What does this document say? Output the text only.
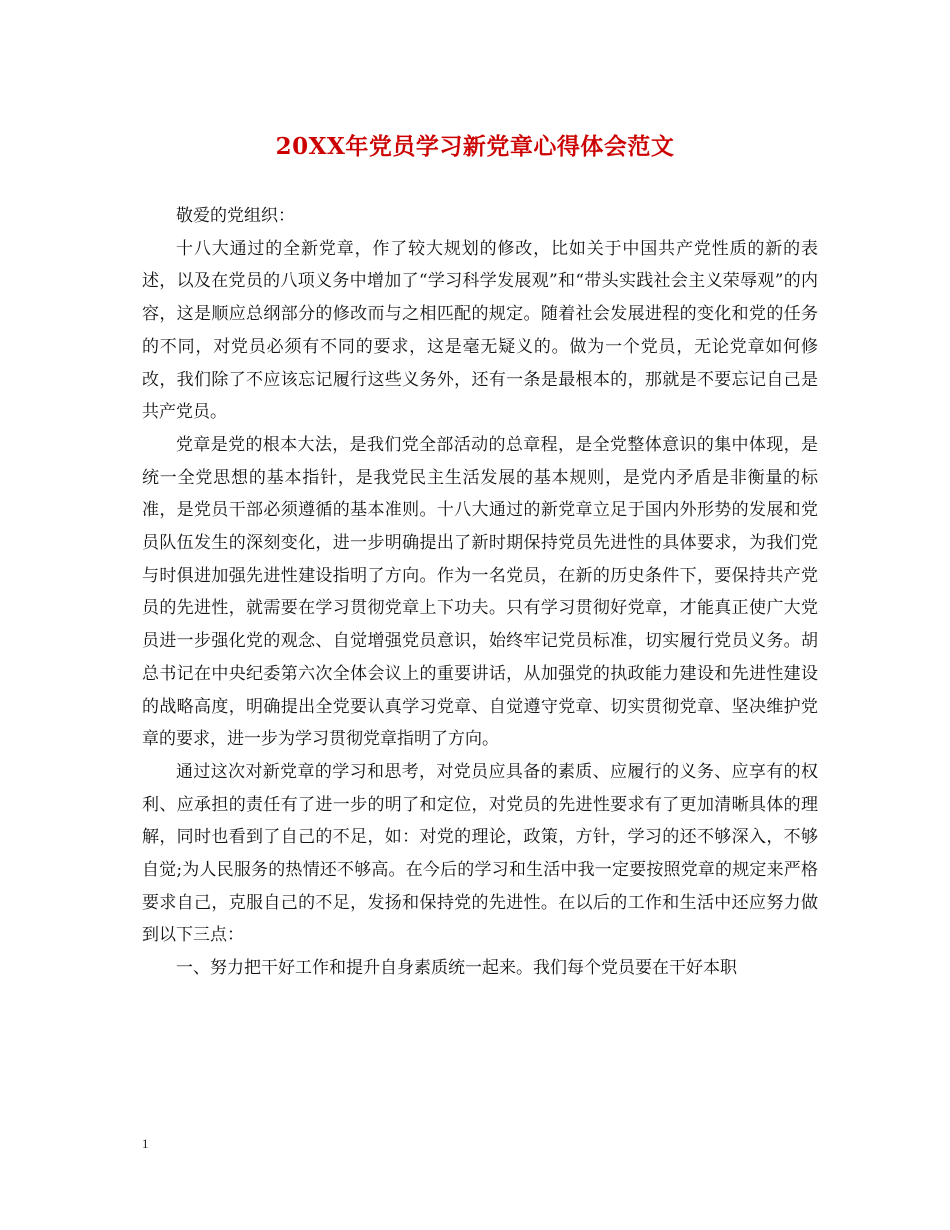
20XX年党员学习新党章心得体会范文

敬爱的党组织：

十八大通过的全新党章，作了较大规划的修改，比如关于中国共产党性质的新的表述，以及在党员的八项义务中增加了“学习科学发展观”和“带头实践社会主义荣辱观”的内容，这是顺应总纲部分的修改而与之相匹配的规定。随着社会发展进程的变化和党的任务的不同，对党员必须有不同的要求，这是毫无疑义的。做为一个党员，无论党章如何修改，我们除了不应该忘记履行这些义务外，还有一条是最根本的，那就是不要忘记自己是共产党员。

党章是党的根本大法，是我们党全部活动的总章程，是全党整体意识的集中体现，是统一全党思想的基本指针，是我党民主生活发展的基本规则，是党内矛盾是非衡量的标准，是党员干部必须遵循的基本准则。十八大通过的新党章立足于国内外形势的发展和党员队伍发生的深刻变化，进一步明确提出了新时期保持党员先进性的具体要求，为我们党与时俱进加强先进性建设指明了方向。作为一名党员，在新的历史条件下，要保持共产党员的先进性，就需要在学习贯彻党章上下功夫。只有学习贯彻好党章，才能真正使广大党员进一步强化党的观念、自觉增强党员意识，始终牢记党员标准，切实履行党员义务。胡总书记在中央纪委第六次全体会议上的重要讲话，从加强党的执政能力建设和先进性建设的战略高度，明确提出全党要认真学习党章、自觉遵守党章、切实贯彻党章、坚决维护党章的要求，进一步为学习贯彻党章指明了方向。

通过这次对新党章的学习和思考，对党员应具备的素质、应履行的义务、应享有的权利、应承担的责任有了进一步的明了和定位，对党员的先进性要求有了更加清晰具体的理解，同时也看到了自己的不足，如：对党的理论，政策，方针，学习的还不够深入，不够自觉;为人民服务的热情还不够高。在今后的学习和生活中我一定要按照党章的规定来严格要求自己，克服自己的不足，发扬和保持党的先进性。在以后的工作和生活中还应努力做到以下三点：

一、努力把干好工作和提升自身素质统一起来。我们每个党员要在干好本职

1
